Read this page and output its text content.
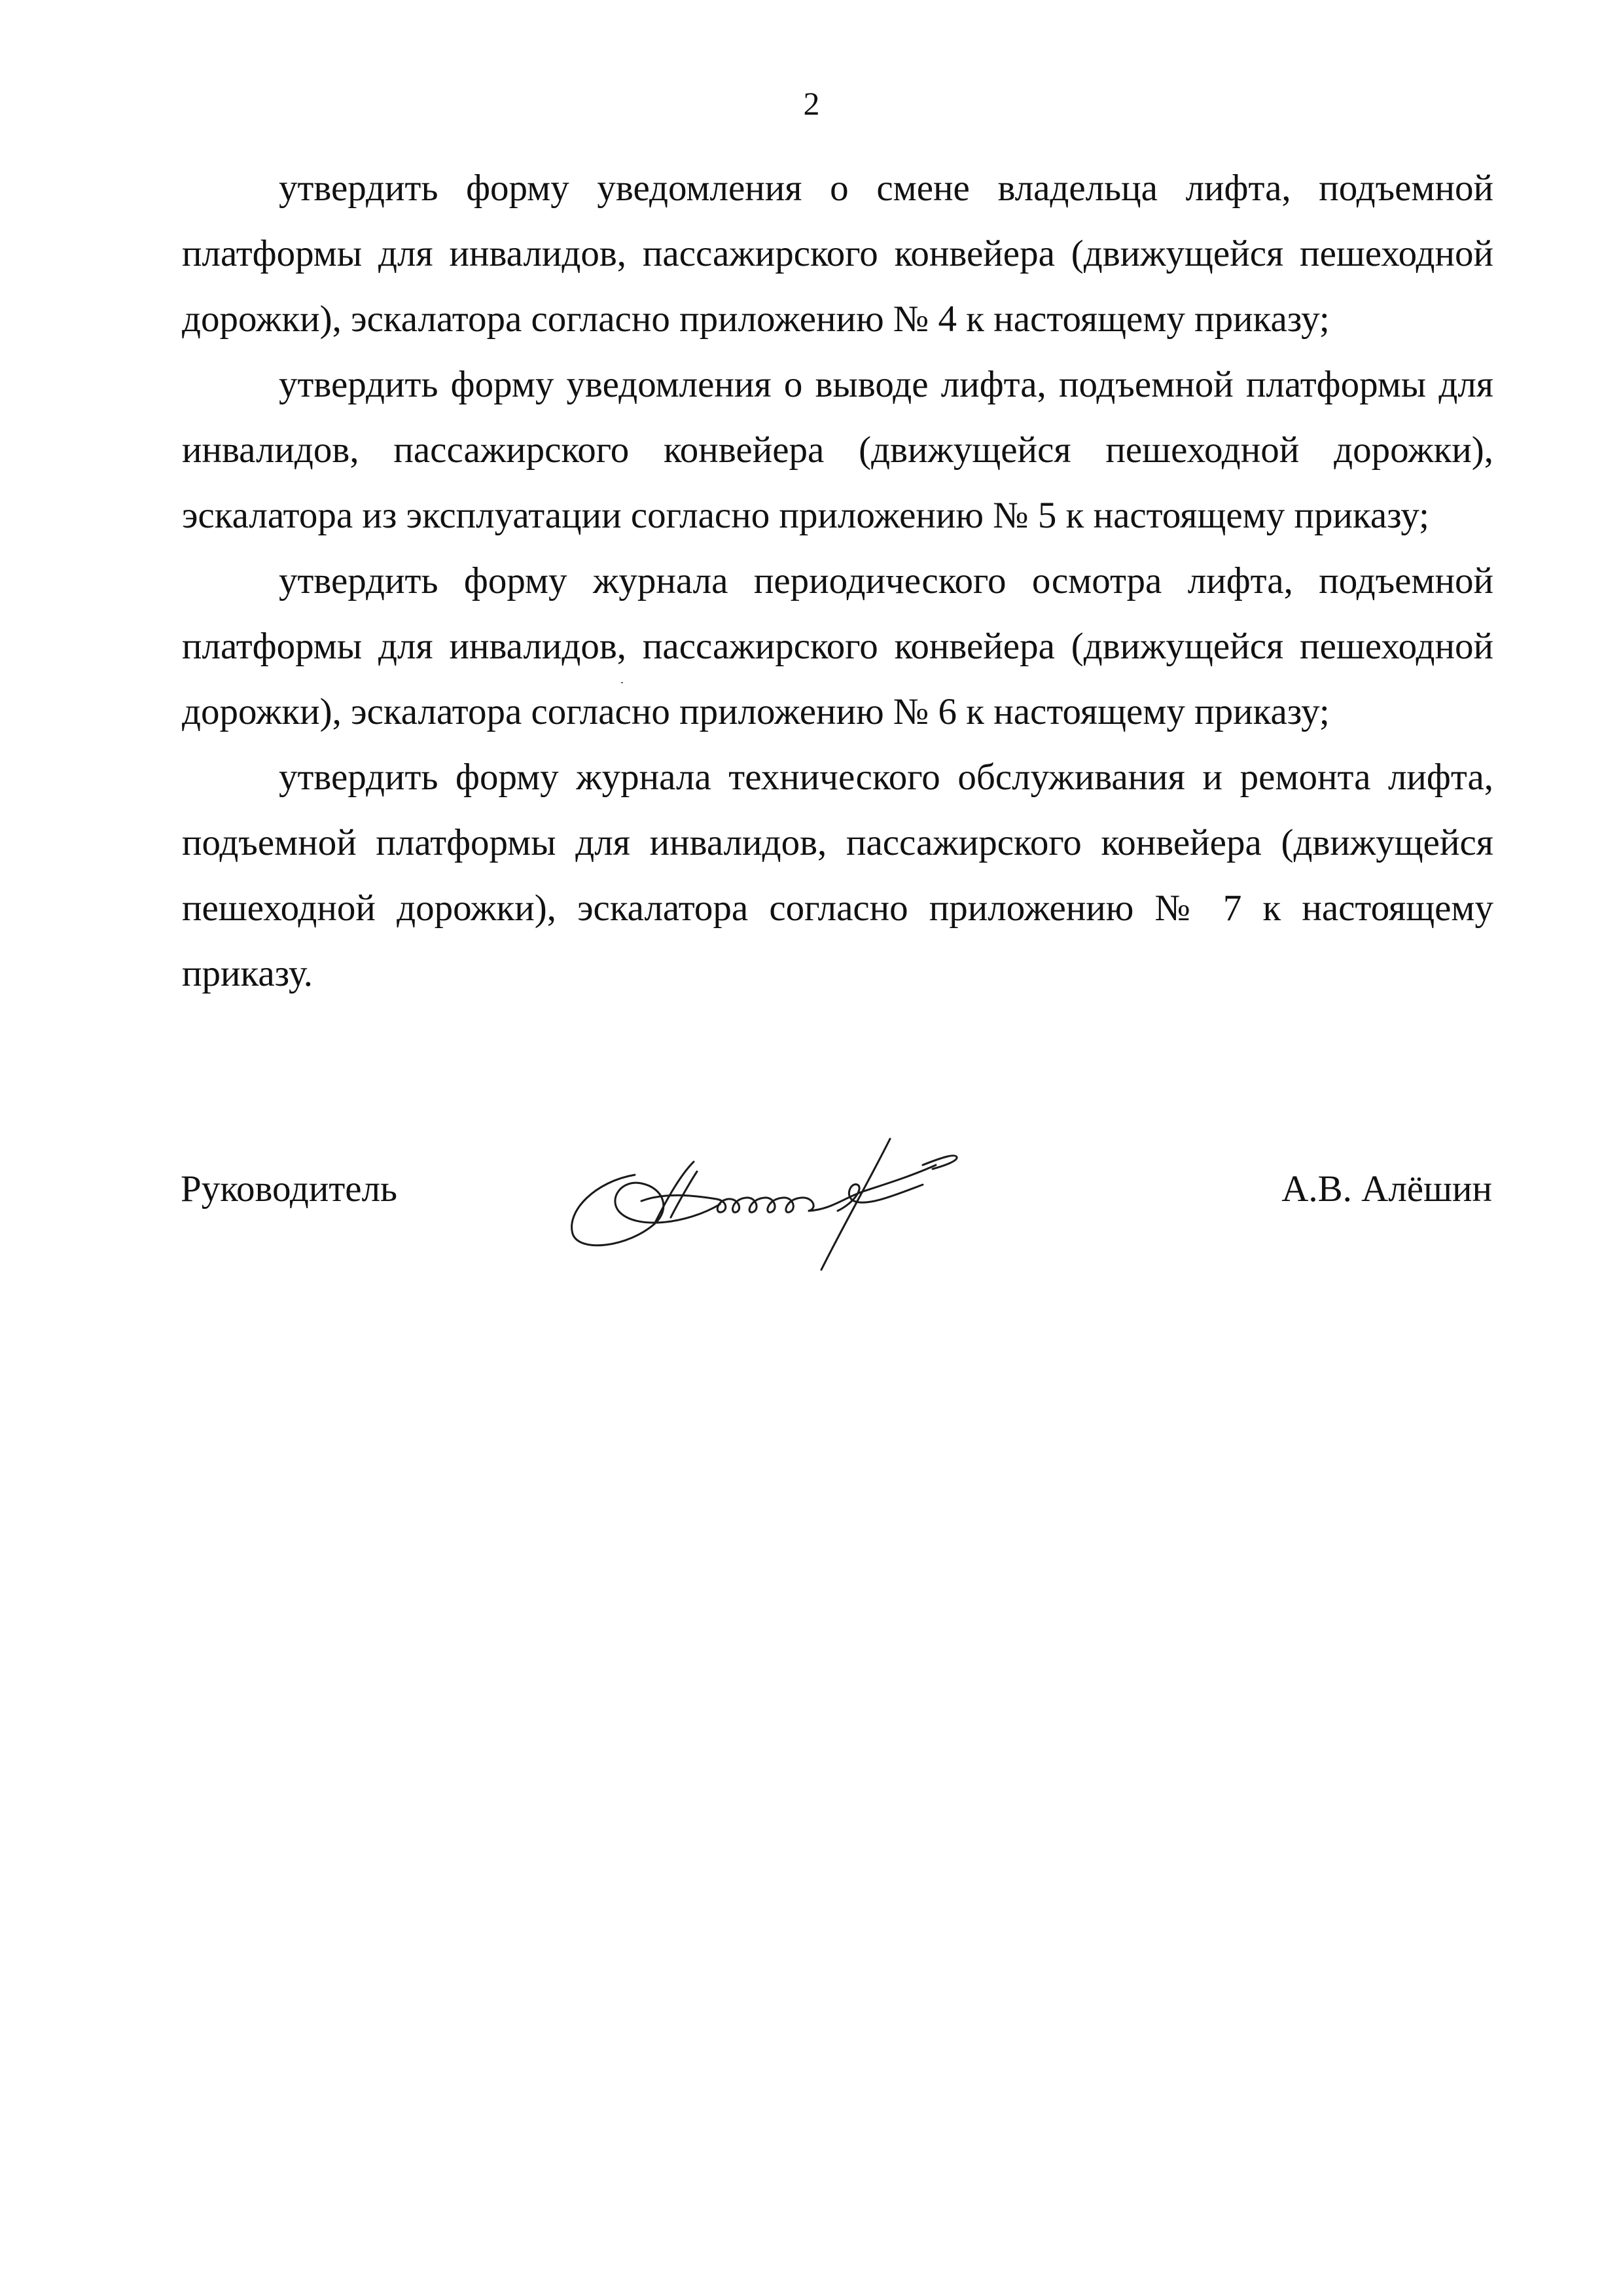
2

утвердить форму уведомления о смене владельца лифта, подъемной платформы для инвалидов, пассажирского конвейера (движущейся пешеходной дорожки), эскалатора согласно приложению № 4 к настоящему приказу;

утвердить форму уведомления о выводе лифта, подъемной платформы для инвалидов, пассажирского конвейера (движущейся пешеходной дорожки), эскалатора из эксплуатации согласно приложению № 5 к настоящему приказу;

утвердить форму журнала периодического осмотра лифта, подъемной платформы для инвалидов, пассажирского конвейера (движущейся пешеходной дорожки), эскалатора согласно приложению № 6 к настоящему приказу;

утвердить форму журнала технического обслуживания и ремонта лифта, подъемной платформы для инвалидов, пассажирского конвейера (движущейся пешеходной дорожки), эскалатора согласно приложению № 7 к настоящему приказу.

Руководитель	А.В. Алёшин
